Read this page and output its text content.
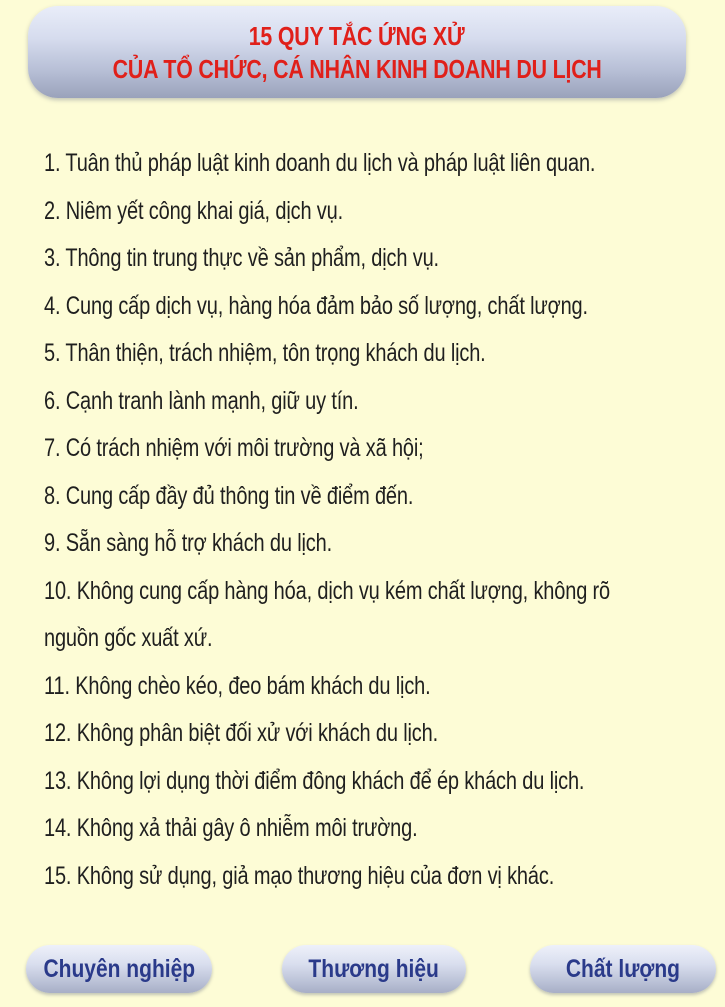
15 QUY TẮC ỨNG XỬ
CỦA TỔ CHỨC, CÁ NHÂN KINH DOANH DU LỊCH
1. Tuân thủ pháp luật kinh doanh du lịch và pháp luật liên quan.
2. Niêm yết công khai giá, dịch vụ.
3. Thông tin trung thực về sản phẩm, dịch vụ.
4. Cung cấp dịch vụ, hàng hóa đảm bảo số lượng, chất lượng.
5. Thân thiện, trách nhiệm, tôn trọng khách du lịch.
6. Cạnh tranh lành mạnh, giữ uy tín.
7. Có trách nhiệm với môi trường và xã hội;
8. Cung cấp đầy đủ thông tin về điểm đến.
9. Sẵn sàng hỗ trợ khách du lịch.
10. Không cung cấp hàng hóa, dịch vụ kém chất lượng, không rõ
nguồn gốc xuất xứ.
11. Không chèo kéo, đeo bám khách du lịch.
12. Không phân biệt đối xử với khách du lịch.
13. Không lợi dụng thời điểm đông khách để ép khách du lịch.
14. Không xả thải gây ô nhiễm môi trường.
15. Không sử dụng, giả mạo thương hiệu của đơn vị khác.
Chuyên nghiệp	Thương hiệu	Chất lượng
